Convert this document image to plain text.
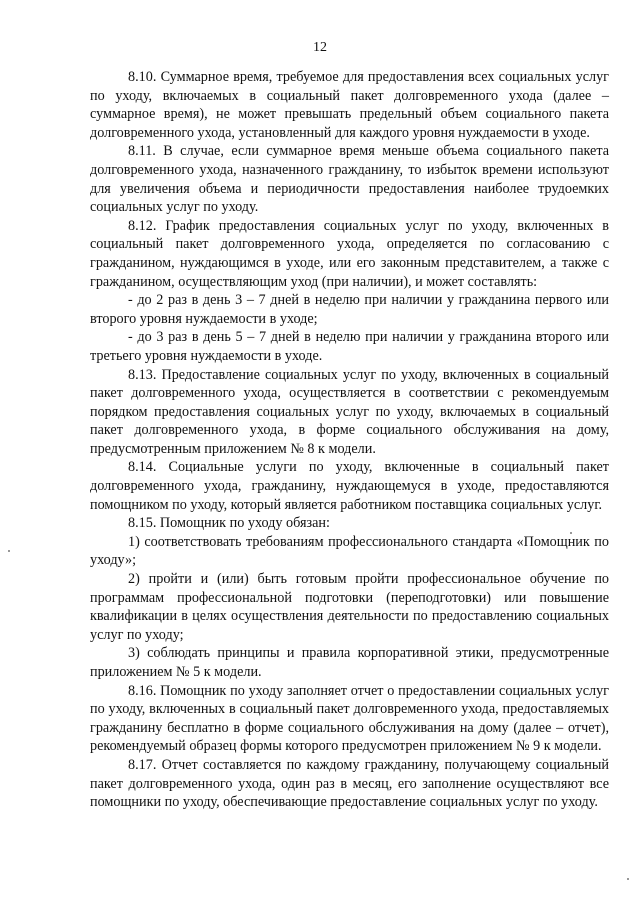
12

8.10. Суммарное время, требуемое для предоставления всех социальных услуг по уходу, включаемых в социальный пакет долговременного ухода (далее – суммарное время), не может превышать предельный объем социального пакета долговременного ухода, установленный для каждого уровня нуждаемости в уходе.

8.11. В случае, если суммарное время меньше объема социального пакета долговременного ухода, назначенного гражданину, то избыток времени используют для увеличения объема и периодичности предоставления наиболее трудоемких социальных услуг по уходу.

8.12. График предоставления социальных услуг по уходу, включенных в социальный пакет долговременного ухода, определяется по согласованию с гражданином, нуждающимся в уходе, или его законным представителем, а также с гражданином, осуществляющим уход (при наличии), и может составлять:

- до 2 раз в день 3 – 7 дней в неделю при наличии у гражданина первого или второго уровня нуждаемости в уходе;

- до 3 раз в день 5 – 7 дней в неделю при наличии у гражданина второго или третьего уровня нуждаемости в уходе.

8.13. Предоставление социальных услуг по уходу, включенных в социальный пакет долговременного ухода, осуществляется в соответствии с рекомендуемым порядком предоставления социальных услуг по уходу, включаемых в социальный пакет долговременного ухода, в форме социального обслуживания на дому, предусмотренным приложением № 8 к модели.

8.14. Социальные услуги по уходу, включенные в социальный пакет долговременного ухода, гражданину, нуждающемуся в уходе, предоставляются помощником по уходу, который является работником поставщика социальных услуг.

8.15. Помощник по уходу обязан:

1) соответствовать требованиям профессионального стандарта «Помощник по уходу»;

2) пройти и (или) быть готовым пройти профессиональное обучение по программам профессиональной подготовки (переподготовки) или повышение квалификации в целях осуществления деятельности по предоставлению социальных услуг по уходу;

3) соблюдать принципы и правила корпоративной этики, предусмотренные приложением № 5 к модели.

8.16. Помощник по уходу заполняет отчет о предоставлении социальных услуг по уходу, включенных в социальный пакет долговременного ухода, предоставляемых гражданину бесплатно в форме социального обслуживания на дому (далее – отчет), рекомендуемый образец формы которого предусмотрен приложением № 9 к модели.

8.17. Отчет составляется по каждому гражданину, получающему социальный пакет долговременного ухода, один раз в месяц, его заполнение осуществляют все помощники по уходу, обеспечивающие предоставление социальных услуг по уходу.
